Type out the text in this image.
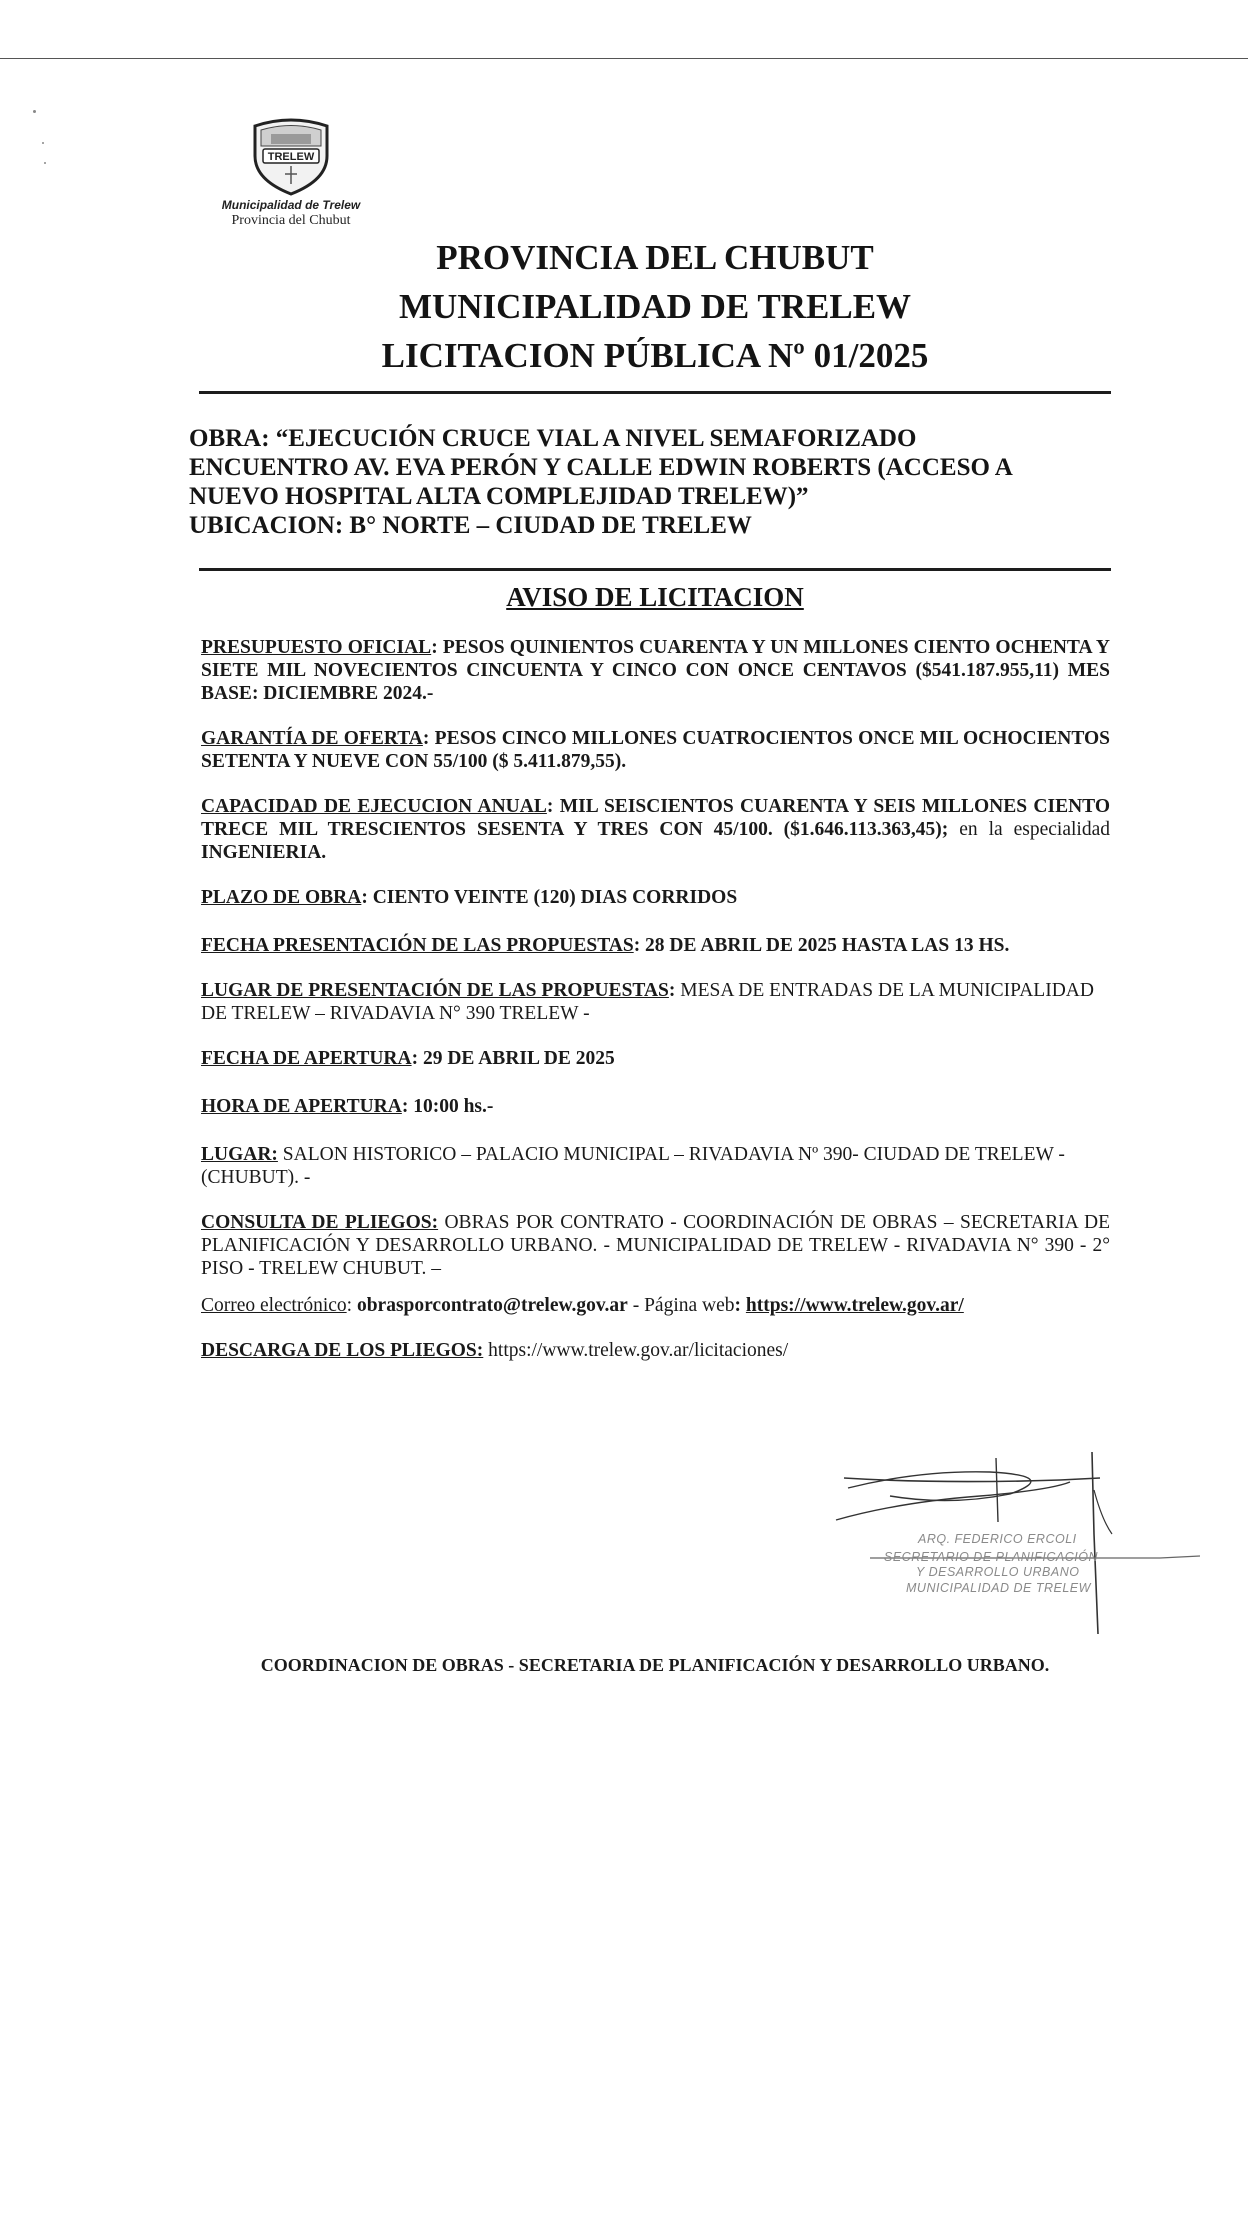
TRELEW
Municipalidad de Trelew
Provincia del Chubut
PROVINCIA DEL CHUBUT
MUNICIPALIDAD DE TRELEW
LICITACION PÚBLICA Nº 01/2025
OBRA: “EJECUCIÓN CRUCE VIAL A NIVEL SEMAFORIZADO
ENCUENTRO AV. EVA PERÓN Y CALLE EDWIN ROBERTS (ACCESO A
NUEVO HOSPITAL ALTA COMPLEJIDAD TRELEW)”
UBICACION: B° NORTE – CIUDAD DE TRELEW
AVISO DE LICITACION

PRESUPUESTO OFICIAL: PESOS QUINIENTOS CUARENTA Y UN MILLONES CIENTO OCHENTA Y SIETE MIL NOVECIENTOS CINCUENTA Y CINCO CON ONCE CENTAVOS ($541.187.955,11) MES BASE: DICIEMBRE 2024.-

GARANTÍA DE OFERTA: PESOS CINCO MILLONES CUATROCIENTOS ONCE MIL OCHOCIENTOS SETENTA Y NUEVE CON 55/100 ($ 5.411.879,55).

CAPACIDAD DE EJECUCION ANUAL: MIL SEISCIENTOS CUARENTA Y SEIS MILLONES CIENTO TRECE MIL TRESCIENTOS SESENTA Y TRES CON 45/100. ($1.646.113.363,45); en la especialidad INGENIERIA.

PLAZO DE OBRA: CIENTO VEINTE (120) DIAS CORRIDOS

FECHA PRESENTACIÓN DE LAS PROPUESTAS: 28 DE ABRIL DE 2025 HASTA LAS 13 HS.

LUGAR DE PRESENTACIÓN DE LAS PROPUESTAS: MESA DE ENTRADAS DE LA MUNICIPALIDAD DE TRELEW – RIVADAVIA N° 390 TRELEW -

FECHA DE APERTURA: 29 DE ABRIL DE 2025

HORA DE APERTURA: 10:00 hs.-

LUGAR: SALON HISTORICO – PALACIO MUNICIPAL – RIVADAVIA Nº 390- CIUDAD DE TRELEW - (CHUBUT). -

CONSULTA DE PLIEGOS: OBRAS POR CONTRATO - COORDINACIÓN DE OBRAS – SECRETARIA DE PLANIFICACIÓN Y DESARROLLO URBANO. - MUNICIPALIDAD DE TRELEW - RIVADAVIA N° 390 - 2° PISO - TRELEW CHUBUT. –

Correo electrónico: obrasporcontrato@trelew.gov.ar - Página web: https://www.trelew.gov.ar/

DESCARGA DE LOS PLIEGOS: https://www.trelew.gov.ar/licitaciones/

ARQ. FEDERICO ERCOLI
SECRETARIO DE PLANIFICACIÓN
Y DESARROLLO URBANO
MUNICIPALIDAD DE TRELEW
COORDINACION DE OBRAS - SECRETARIA DE PLANIFICACIÓN Y DESARROLLO URBANO.
